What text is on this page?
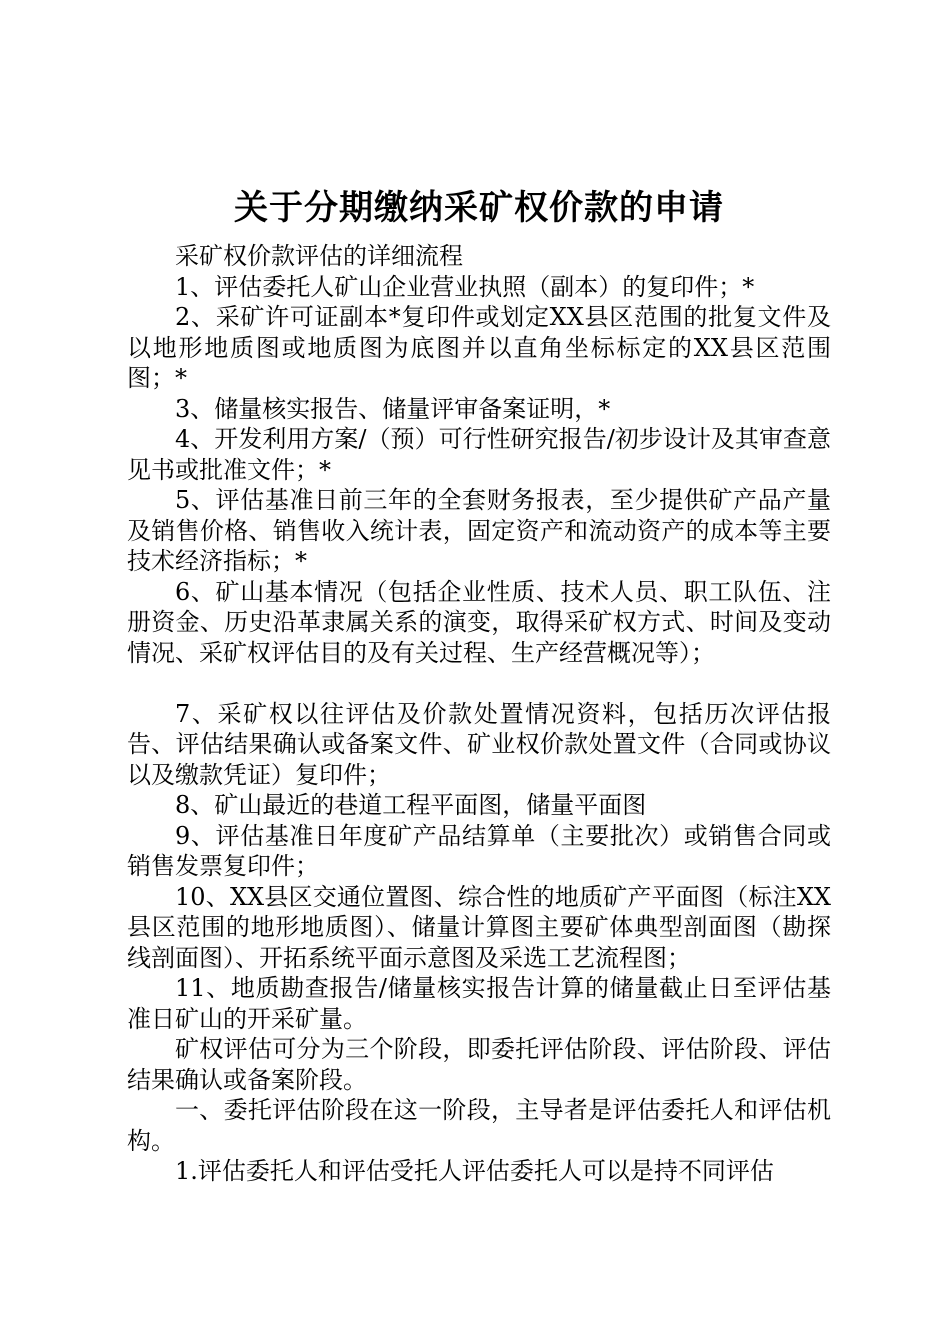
关于分期缴纳采矿权价款的申请

采矿权价款评估的详细流程

1、评估委托人矿山企业营业执照（副本）的复印件；*

2、采矿许可证副本*复印件或划定XX县区范围的批复文件及以地形地质图或地质图为底图并以直角坐标标定的XX县区范围图；*

3、储量核实报告、储量评审备案证明，*

4、开发利用方案/（预）可行性研究报告/初步设计及其审查意见书或批准文件；*

5、评估基准日前三年的全套财务报表，至少提供矿产品产量及销售价格、销售收入统计表，固定资产和流动资产的成本等主要技术经济指标；*

6、矿山基本情况（包括企业性质、技术人员、职工队伍、注册资金、历史沿革隶属关系的演变，取得采矿权方式、时间及变动情况、采矿权评估目的及有关过程、生产经营概况等）；

7、采矿权以往评估及价款处置情况资料，包括历次评估报告、评估结果确认或备案文件、矿业权价款处置文件（合同或协议以及缴款凭证）复印件；

8、矿山最近的巷道工程平面图，储量平面图

9、评估基准日年度矿产品结算单（主要批次）或销售合同或销售发票复印件；

10、XX县区交通位置图、综合性的地质矿产平面图（标注XX县区范围的地形地质图）、储量计算图主要矿体典型剖面图（勘探线剖面图）、开拓系统平面示意图及采选工艺流程图；

11、地质勘查报告/储量核实报告计算的储量截止日至评估基准日矿山的开采矿量。

矿权评估可分为三个阶段，即委托评估阶段、评估阶段、评估结果确认或备案阶段。

一、委托评估阶段在这一阶段，主导者是评估委托人和评估机构。

1.评估委托人和评估受托人评估委托人可以是持不同评估
